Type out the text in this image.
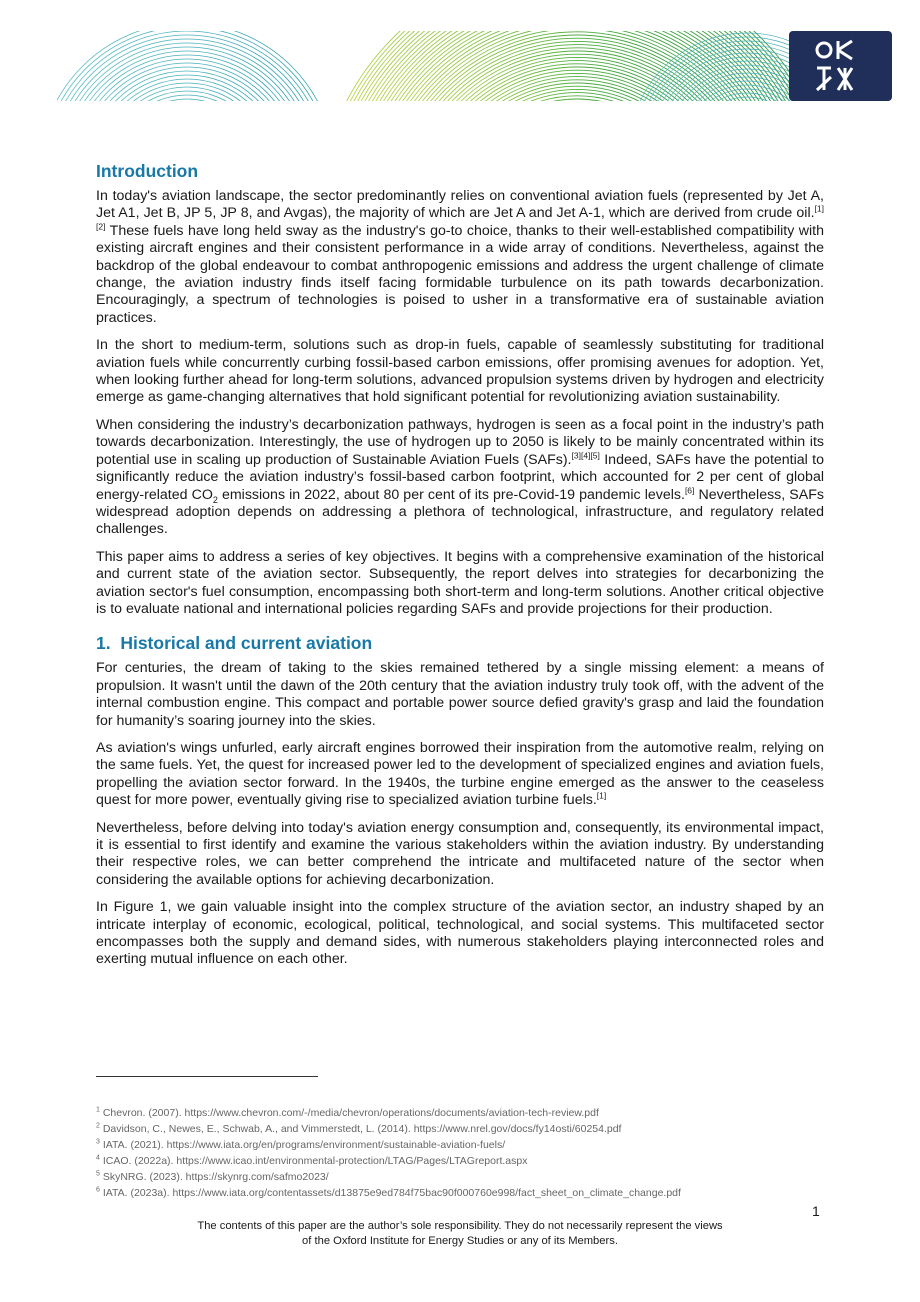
Introduction

In today's aviation landscape, the sector predominantly relies on conventional aviation fuels (represented by Jet A, Jet A1, Jet B, JP 5, JP 8, and Avgas), the majority of which are Jet A and Jet A-1, which are derived from crude oil.[1][2] These fuels have long held sway as the industry's go-to choice, thanks to their well-established compatibility with existing aircraft engines and their consistent performance in a wide array of conditions. Nevertheless, against the backdrop of the global endeavour to combat anthropogenic emissions and address the urgent challenge of climate change, the aviation industry finds itself facing formidable turbulence on its path towards decarbonization. Encouragingly, a spectrum of technologies is poised to usher in a transformative era of sustainable aviation practices.

In the short to medium-term, solutions such as drop-in fuels, capable of seamlessly substituting for traditional aviation fuels while concurrently curbing fossil-based carbon emissions, offer promising avenues for adoption. Yet, when looking further ahead for long-term solutions, advanced propulsion systems driven by hydrogen and electricity emerge as game-changing alternatives that hold significant potential for revolutionizing aviation sustainability.

When considering the industry’s decarbonization pathways, hydrogen is seen as a focal point in the industry’s path towards decarbonization. Interestingly, the use of hydrogen up to 2050 is likely to be mainly concentrated within its potential use in scaling up production of Sustainable Aviation Fuels (SAFs).[3][4][5] Indeed, SAFs have the potential to significantly reduce the aviation industry’s fossil-based carbon footprint, which accounted for 2 per cent of global energy-related $CO_2$ emissions in 2022, about 80 per cent of its pre-Covid-19 pandemic levels.[6] Nevertheless, SAFs widespread adoption depends on addressing a plethora of technological, infrastructure, and regulatory related challenges.

This paper aims to address a series of key objectives. It begins with a comprehensive examination of the historical and current state of the aviation sector. Subsequently, the report delves into strategies for decarbonizing the aviation sector's fuel consumption, encompassing both short-term and long-term solutions. Another critical objective is to evaluate national and international policies regarding SAFs and provide projections for their production.

1.  Historical and current aviation

For centuries, the dream of taking to the skies remained tethered by a single missing element: a means of propulsion. It wasn't until the dawn of the 20th century that the aviation industry truly took off, with the advent of the internal combustion engine. This compact and portable power source defied gravity's grasp and laid the foundation for humanity’s soaring journey into the skies.

As aviation's wings unfurled, early aircraft engines borrowed their inspiration from the automotive realm, relying on the same fuels. Yet, the quest for increased power led to the development of specialized engines and aviation fuels, propelling the aviation sector forward. In the 1940s, the turbine engine emerged as the answer to the ceaseless quest for more power, eventually giving rise to specialized aviation turbine fuels.[1]

Nevertheless, before delving into today's aviation energy consumption and, consequently, its environmental impact, it is essential to first identify and examine the various stakeholders within the aviation industry. By understanding their respective roles, we can better comprehend the intricate and multifaceted nature of the sector when considering the available options for achieving decarbonization.

In Figure 1, we gain valuable insight into the complex structure of the aviation sector, an industry shaped by an intricate interplay of economic, ecological, political, technological, and social systems. This multifaceted sector encompasses both the supply and demand sides, with numerous stakeholders playing interconnected roles and exerting mutual influence on each other.

$^1$ Chevron. (2007). https://www.chevron.com/-/media/chevron/operations/documents/aviation-tech-review.pdf
$^2$ Davidson, C., Newes, E., Schwab, A., and Vimmerstedt, L. (2014). https://www.nrel.gov/docs/fy14osti/60254.pdf
$^3$ IATA. (2021). https://www.iata.org/en/programs/environment/sustainable-aviation-fuels/
$^4$ ICAO. (2022a). https://www.icao.int/environmental-protection/LTAG/Pages/LTAGreport.aspx
$^5$ SkyNRG. (2023). https://skynrg.com/safmo2023/
$^6$ IATA. (2023a). https://www.iata.org/contentassets/d13875e9ed784f75bac90f000760e998/fact_sheet_on_climate_change.pdf
1
The contents of this paper are the author’s sole responsibility. They do not necessarily represent the views
of the Oxford Institute for Energy Studies or any of its Members.
